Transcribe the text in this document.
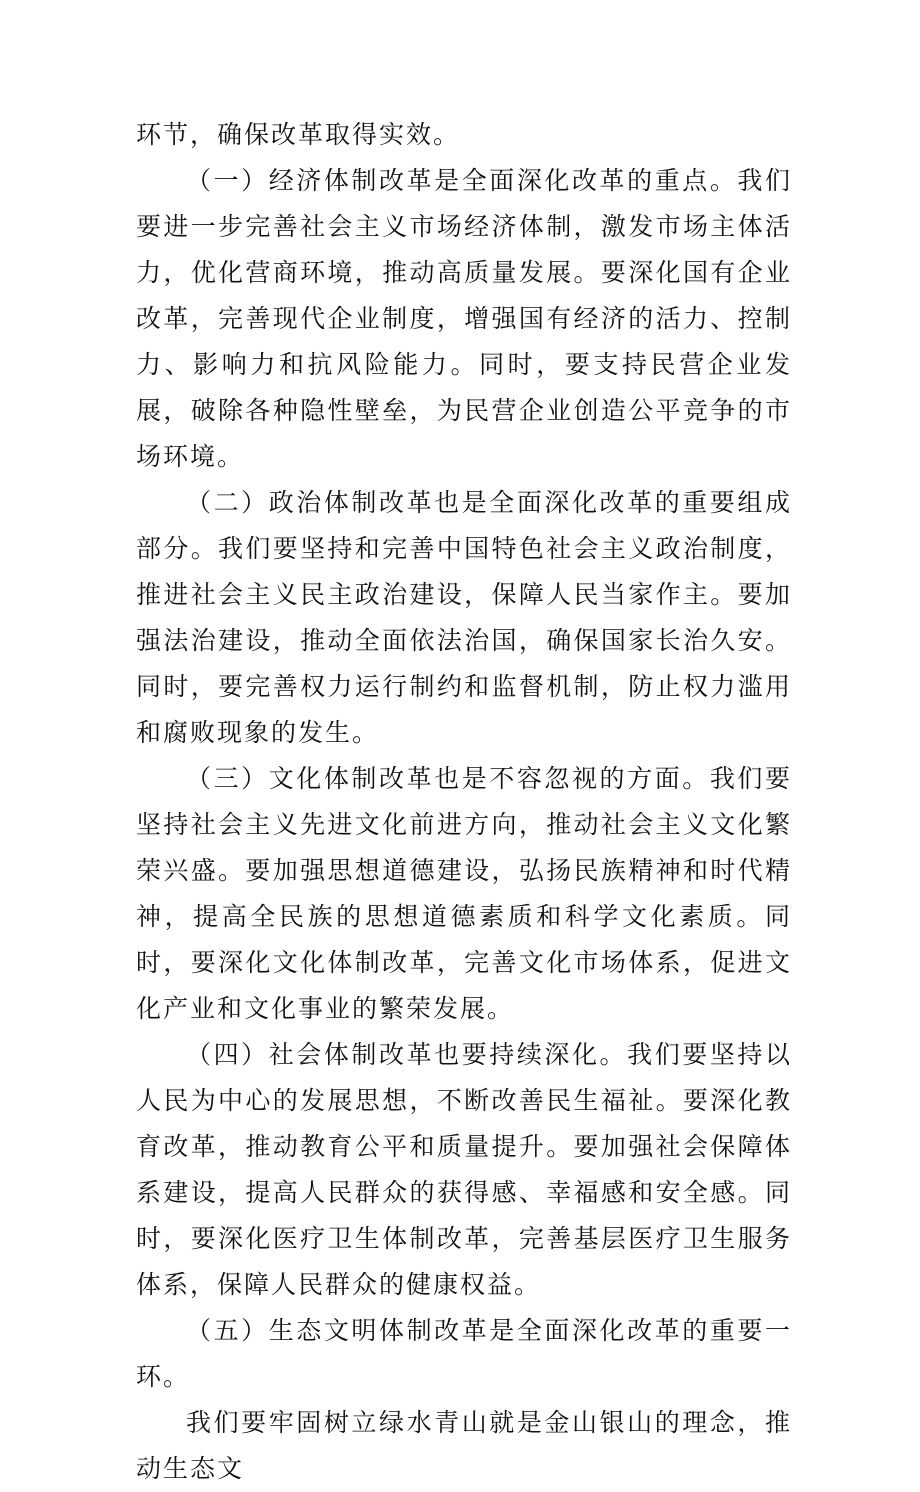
环节，确保改革取得实效。

（一）经济体制改革是全面深化改革的重点。我们要进一步完善社会主义市场经济体制，激发市场主体活力，优化营商环境，推动高质量发展。要深化国有企业改革，完善现代企业制度，增强国有经济的活力、控制力、影响力和抗风险能力。同时，要支持民营企业发展，破除各种隐性壁垒，为民营企业创造公平竞争的市场环境。

（二）政治体制改革也是全面深化改革的重要组成部分。我们要坚持和完善中国特色社会主义政治制度，推进社会主义民主政治建设，保障人民当家作主。要加强法治建设，推动全面依法治国，确保国家长治久安。同时，要完善权力运行制约和监督机制，防止权力滥用和腐败现象的发生。

（三）文化体制改革也是不容忽视的方面。我们要坚持社会主义先进文化前进方向，推动社会主义文化繁荣兴盛。要加强思想道德建设，弘扬民族精神和时代精神，提高全民族的思想道德素质和科学文化素质。同时，要深化文化体制改革，完善文化市场体系，促进文化产业和文化事业的繁荣发展。

（四）社会体制改革也要持续深化。我们要坚持以人民为中心的发展思想，不断改善民生福祉。要深化教育改革，推动教育公平和质量提升。要加强社会保障体系建设，提高人民群众的获得感、幸福感和安全感。同时，要深化医疗卫生体制改革，完善基层医疗卫生服务体系，保障人民群众的健康权益。

（五）生态文明体制改革是全面深化改革的重要一环。

我们要牢固树立绿水青山就是金山银山的理念，推动生态文
